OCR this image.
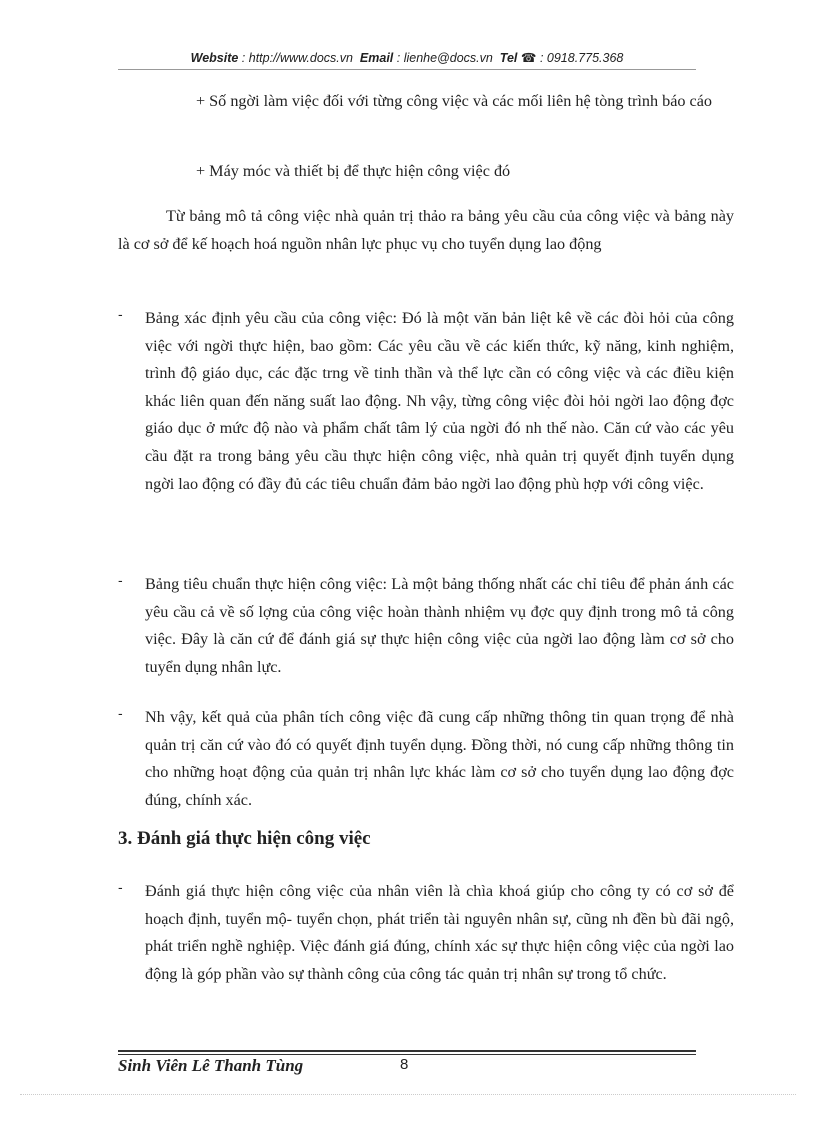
Website : http://www.docs.vn Email : lienhe@docs.vn Tel ☎ : 0918.775.368

+ Số ngời làm việc đối với từng công việc và các mối liên hệ tòng trình báo cáo

+ Máy móc và thiết bị để thực hiện công việc đó

Từ bảng mô tả công việc nhà quản trị thảo ra bảng yêu cầu của công việc và bảng này là cơ sở để kế hoạch hoá nguồn nhân lực phục vụ cho tuyển dụng lao động

- Bảng xác định yêu cầu của công việc: Đó là một văn bản liệt kê về các đòi hỏi của công việc với ngời thực hiện, bao gồm: Các yêu cầu về các kiến thức, kỹ năng, kinh nghiệm, trình độ giáo dục, các đặc trng về tinh thần và thể lực cần có công việc và các điều kiện khác liên quan đến năng suất lao động. Nh vậy, từng công việc đòi hỏi ngời lao động đợc giáo dục ở mức độ nào và phẩm chất tâm lý của ngời đó nh thế nào. Căn cứ vào các yêu cầu đặt ra trong bảng yêu cầu thực hiện công việc, nhà quản trị quyết định tuyển dụng ngời lao động có đầy đủ các tiêu chuẩn đảm bảo ngời lao động phù hợp với công việc.

- Bảng tiêu chuẩn thực hiện công việc: Là một bảng thống nhất các chỉ tiêu để phản ánh các yêu cầu cả về số lợng của công việc hoàn thành nhiệm vụ đợc quy định trong mô tả công việc. Đây là căn cứ để đánh giá sự thực hiện công việc của ngời lao động làm cơ sở cho tuyển dụng nhân lực.

- Nh vậy, kết quả của phân tích công việc đã cung cấp những thông tin quan trọng để nhà quản trị căn cứ vào đó có quyết định tuyển dụng. Đồng thời, nó cung cấp những thông tin cho những hoạt động của quản trị nhân lực khác làm cơ sở cho tuyển dụng lao động đợc đúng, chính xác.

3. Đánh giá thực hiện công việc
- Đánh giá thực hiện công việc của nhân viên là chìa khoá giúp cho công ty có cơ sở để hoạch định, tuyển mộ- tuyển chọn, phát triển tài nguyên nhân sự, cũng nh đền bù đãi ngộ, phát triển nghề nghiệp. Việc đánh giá đúng, chính xác sự thực hiện công việc của ngời lao động là góp phần vào sự thành công của công tác quản trị nhân sự trong tổ chức.

Sinh Viên Lê Thanh Tùng	8
